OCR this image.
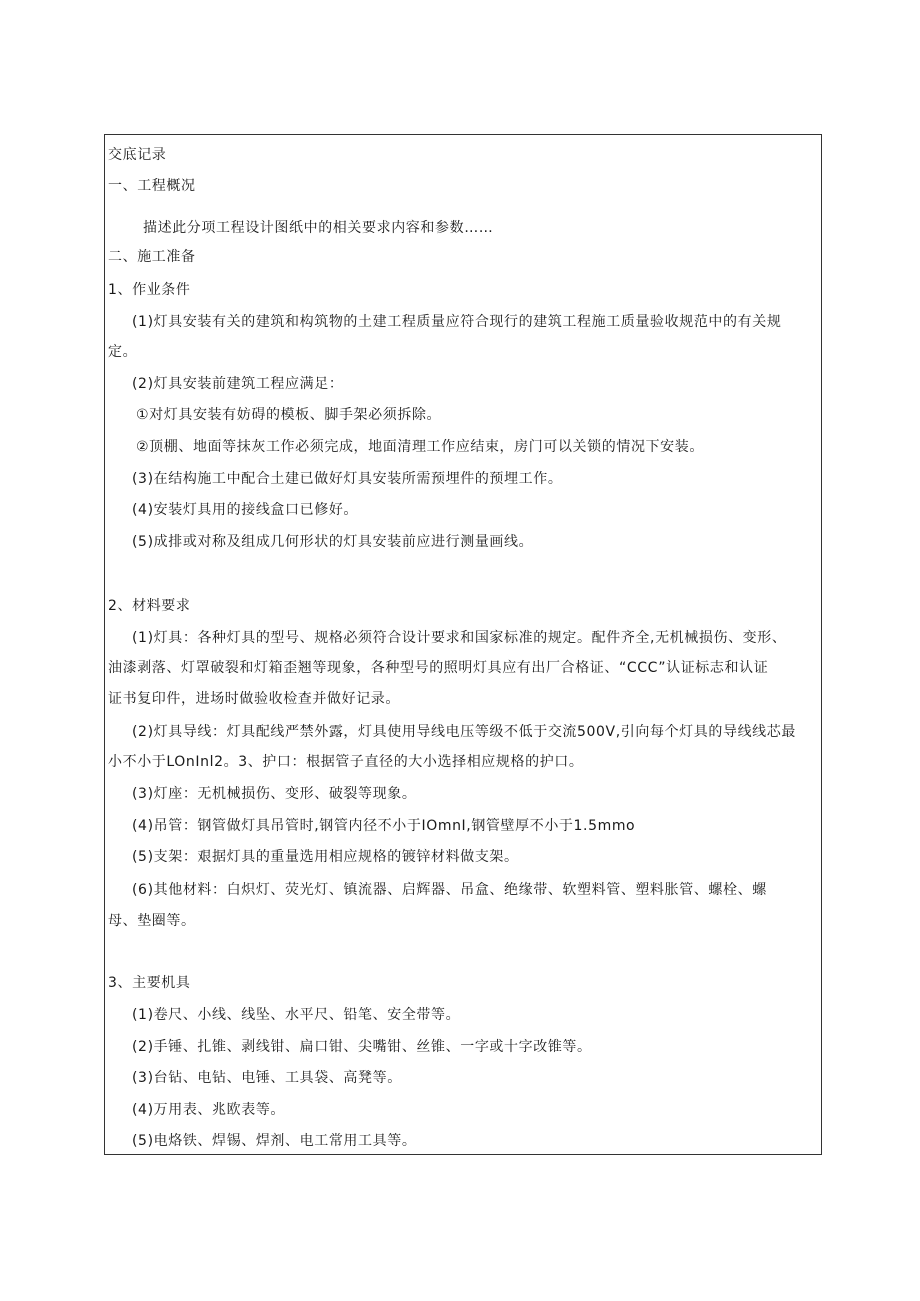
交底记录
一、工程概况
描述此分项工程设计图纸中的相关要求内容和参数……
二、施工准备
1、作业条件
(1)灯具安装有关的建筑和构筑物的土建工程质量应符合现行的建筑工程施工质量验收规范中的有关规
定。
(2)灯具安装前建筑工程应满足：
①对灯具安装有妨碍的模板、脚手架必须拆除。
②顶棚、地面等抹灰工作必须完成，地面清理工作应结束，房门可以关锁的情况下安装。
(3)在结构施工中配合土建已做好灯具安装所需预埋件的预埋工作。
(4)安装灯具用的接线盒口已修好。
(5)成排或对称及组成几何形状的灯具安装前应进行测量画线。
2、材料要求
(1)灯具：各种灯具的型号、规格必须符合设计要求和国家标准的规定。配件齐全,无机械损伤、变形、
油漆剥落、灯罩破裂和灯箱歪翘等现象，各种型号的照明灯具应有出厂合格证、“CCC”认证标志和认证
证书复印件，进场时做验收检查并做好记录。
(2)灯具导线：灯具配线严禁外露，灯具使用导线电压等级不低于交流500V,引向每个灯具的导线线芯最
小不小于LOnInl2。3、护口：根据管子直径的大小选择相应规格的护口。
(3)灯座：无机械损伤、变形、破裂等现象。
(4)吊管：钢管做灯具吊管时,钢管内径不小于IOmnI,钢管壁厚不小于1.5mmo
(5)支架：艰据灯具的重量选用相应规格的镀锌材料做支架。
(6)其他材料：白炽灯、荧光灯、镇流器、启辉器、吊盒、绝缘带、软塑料管、塑料胀管、螺栓、螺
母、垫圈等。
3、主要机具
(1)卷尺、小线、线坠、水平尺、铅笔、安全带等。
(2)手锤、扎锥、剥线钳、扁口钳、尖嘴钳、丝锥、一字或十字改锥等。
(3)台钻、电钻、电锤、工具袋、高凳等。
(4)万用表、兆欧表等。
(5)电烙铁、焊锡、焊剂、电工常用工具等。
